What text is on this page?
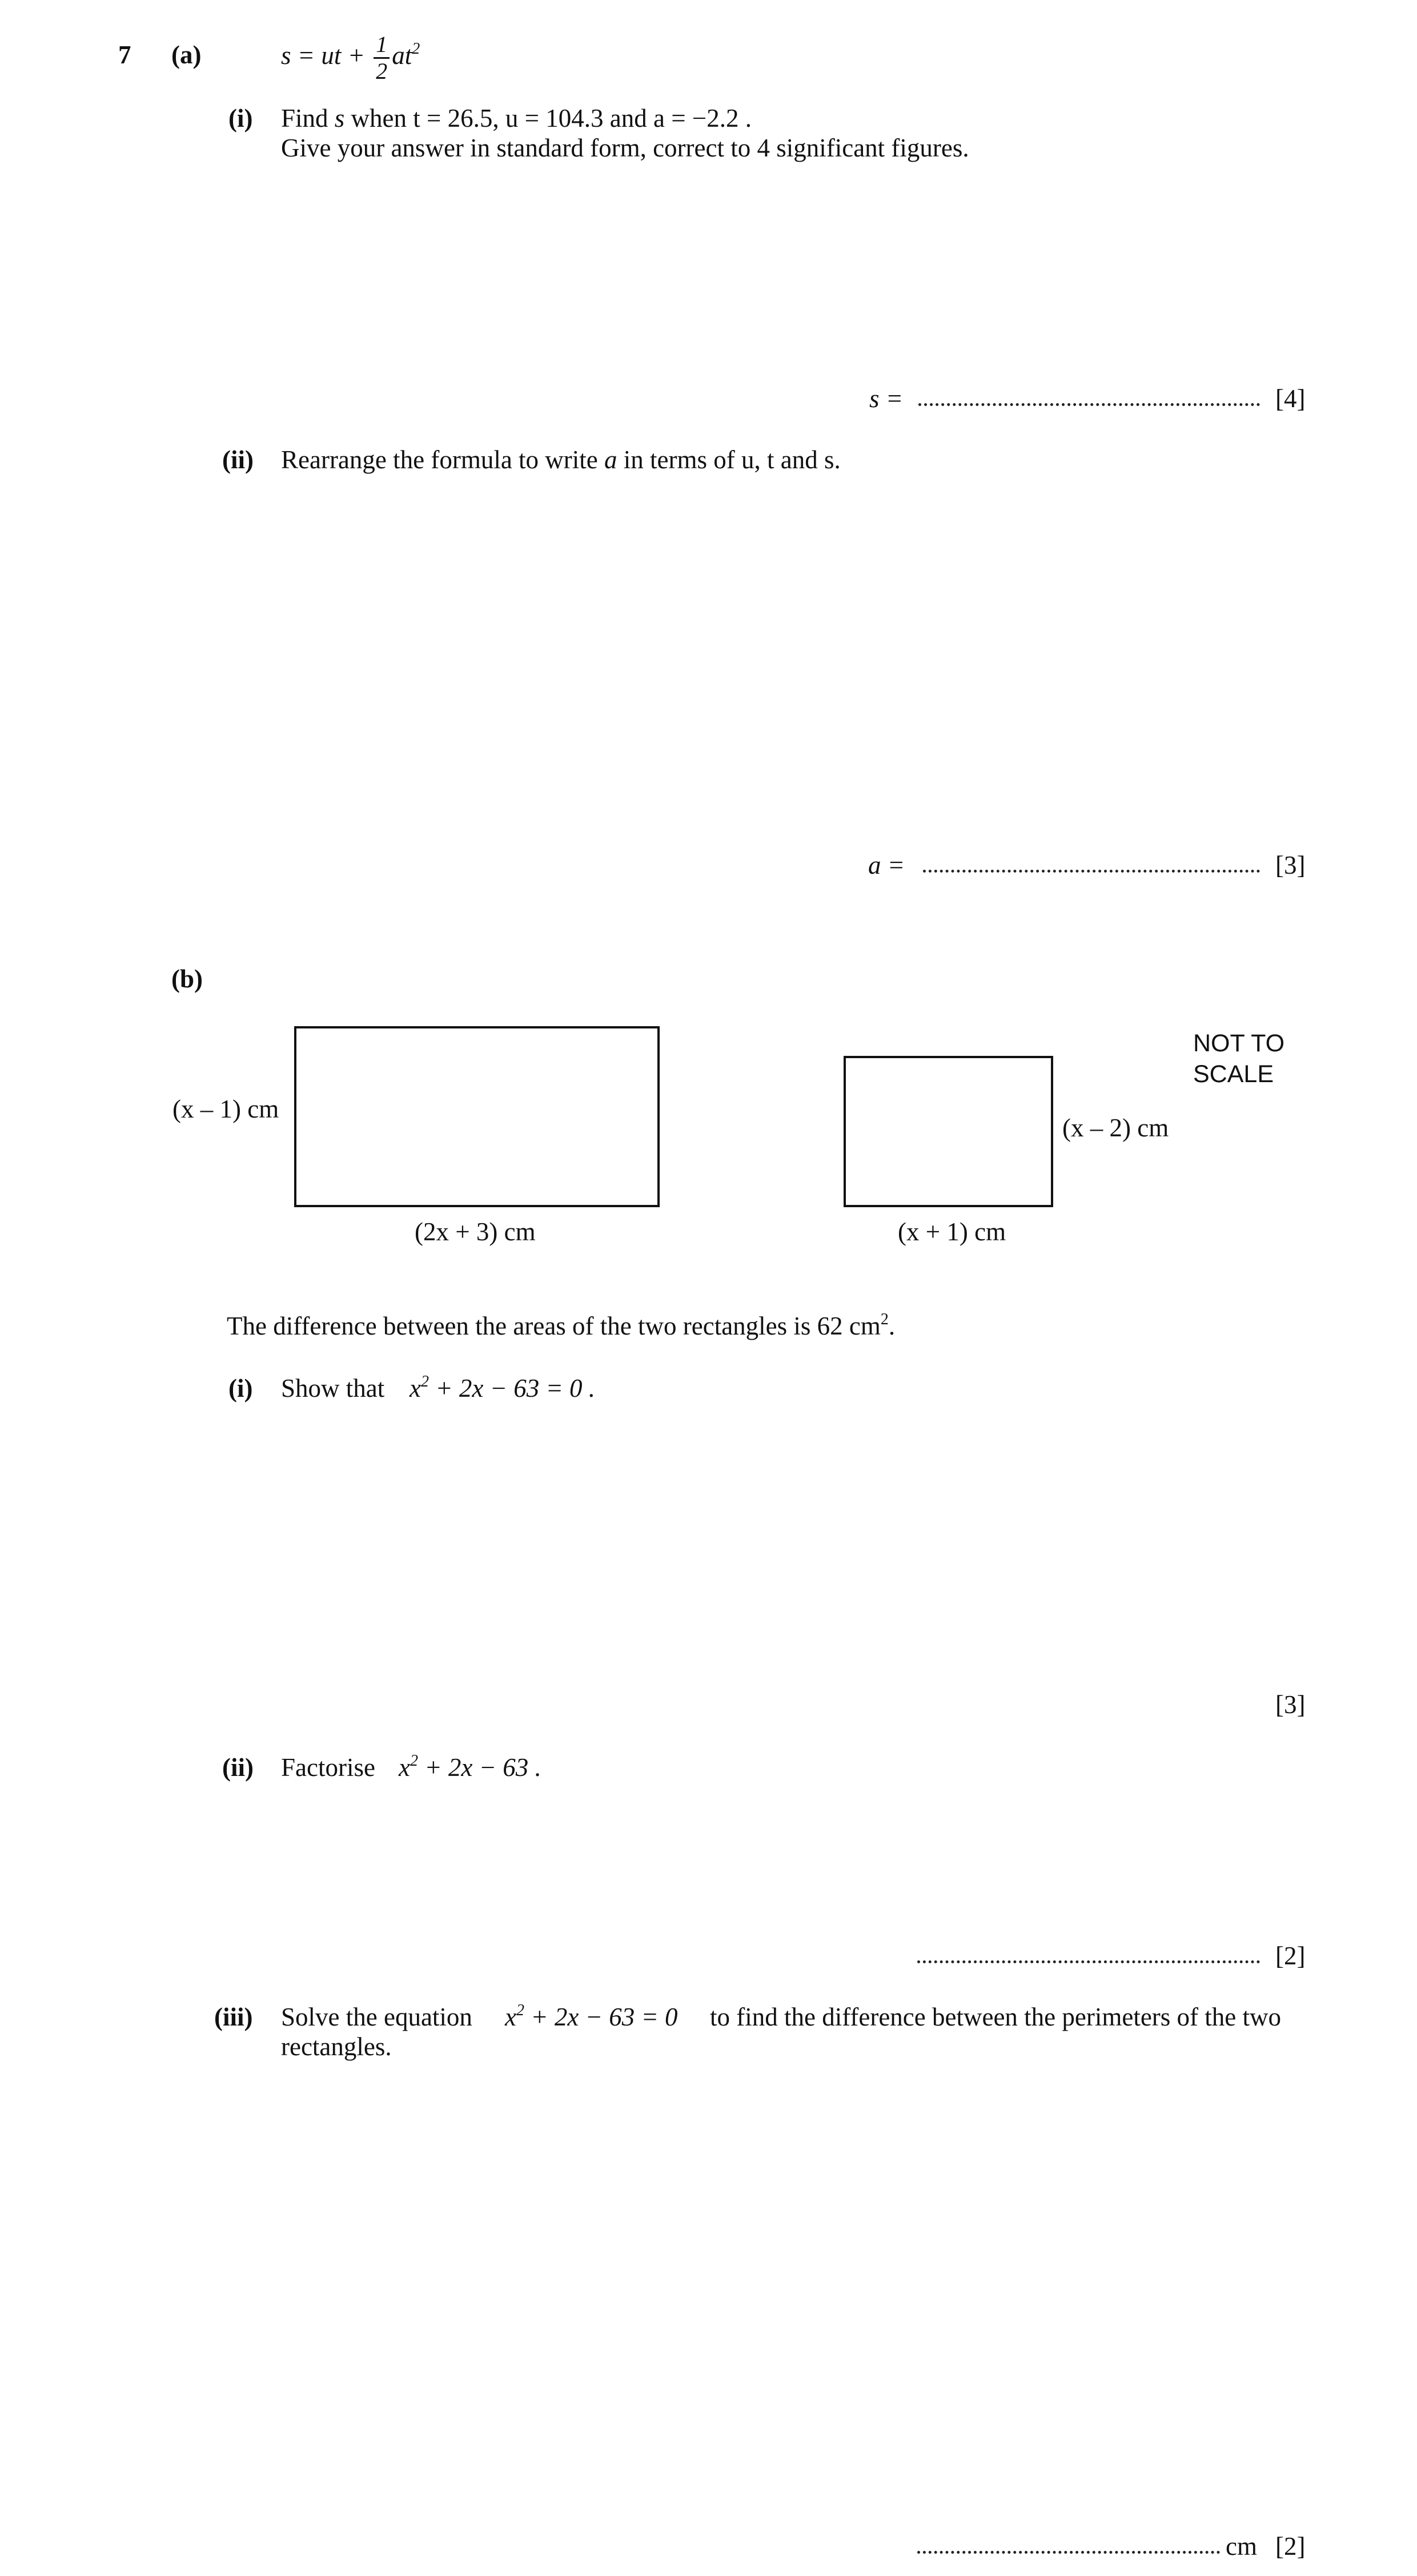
7 (a)	s = ut + $\frac{1}{2} at^2$
(i) Find s when t = 26.5, u = 104.3 and a = −2.2 .
Give your answer in standard form, correct to 4 significant figures.
s =	[4]
(ii) Rearrange the formula to write a in terms of u, t and s.
a =	[3]
(b)
(x – 1) cm
(2x + 3) cm
(x – 2) cm
(x + 1) cm
NOT TO
SCALE
The difference between the areas of the two rectangles is 62 $cm^2$.
(i) Show that $x^2 + 2x - 63 = 0$ .
[3]
(ii) Factorise $x^2 + 2x - 63$ .
[2]
(iii) Solve the equation $x^2 + 2x - 63 = 0$ to find the difference between the perimeters of the two
rectangles.
cm [2]
